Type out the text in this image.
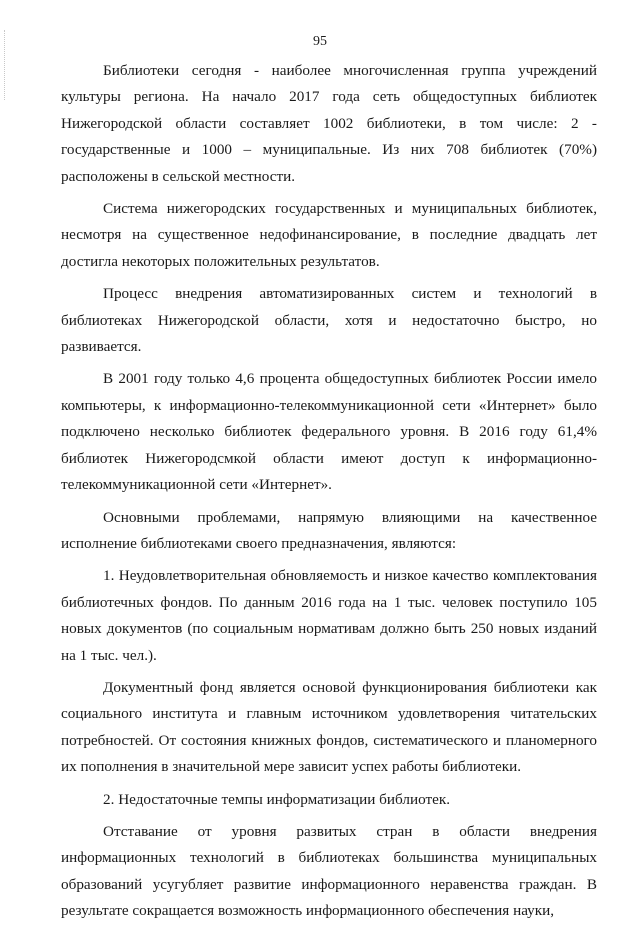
95

Библиотеки сегодня - наиболее многочисленная группа учреждений культуры региона. На начало 2017 года сеть общедоступных библиотек Нижегородской области составляет 1002 библиотеки, в том числе: 2 - государственные и 1000 – муниципальные. Из них 708 библиотек (70%) расположены в сельской местности.

Система нижегородских государственных и муниципальных библиотек, несмотря на существенное недофинансирование, в последние двадцать лет достигла некоторых положительных результатов.

Процесс внедрения автоматизированных систем и технологий в библиотеках Нижегородской области, хотя и недостаточно быстро, но развивается.

В 2001 году только 4,6 процента общедоступных библиотек России имело компьютеры, к информационно-телекоммуникационной сети «Интернет» было подключено несколько библиотек федерального уровня. В 2016 году 61,4% библиотек Нижегородсмкой области имеют доступ к информационно-телекоммуникационной сети «Интернет».

Основными проблемами, напрямую влияющими на качественное исполнение библиотеками своего предназначения, являются:

1. Неудовлетворительная обновляемость и низкое качество комплектования библиотечных фондов. По данным 2016 года на 1 тыс. человек поступило 105 новых документов (по социальным нормативам должно быть 250 новых изданий на 1 тыс. чел.).

Документный фонд является основой функционирования библиотеки как социального института и главным источником удовлетворения читательских потребностей. От состояния книжных фондов, систематического и планомерного их пополнения в значительной мере зависит успех работы библиотеки.

2. Недостаточные темпы информатизации библиотек.

Отставание от уровня развитых стран в области внедрения информационных технологий в библиотеках большинства муниципальных образований усугубляет развитие информационного неравенства граждан. В результате сокращается возможность информационного обеспечения науки,
